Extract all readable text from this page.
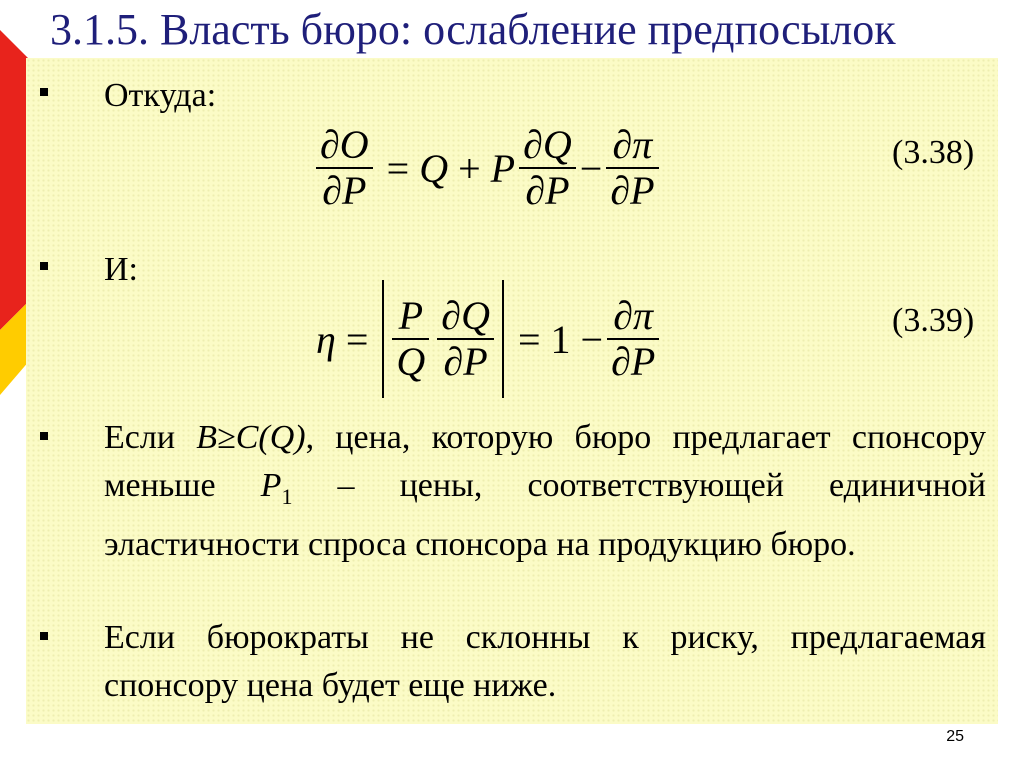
3.1.5. Власть бюро: ослабление предпосылок
Откуда:
$\frac{\partial O}{\partial P} = Q + P \frac{\partial Q}{\partial P} - \frac{\partial\pi}{\partial P}$	(3.38)
И:
$\eta = \frac{P}{Q} \frac{\partial Q}{\partial P} = 1 - \frac{\partial\pi}{\partial P}$	(3.39)
Если B≥C(Q), цена, которую бюро предлагает спонсору меньше $P_1$ – цены, соответствующей единичной эластичности спроса спонсора на продукцию бюро.
Если бюрократы не склонны к риску, предлагаемая спонсору цена будет еще ниже.
25
